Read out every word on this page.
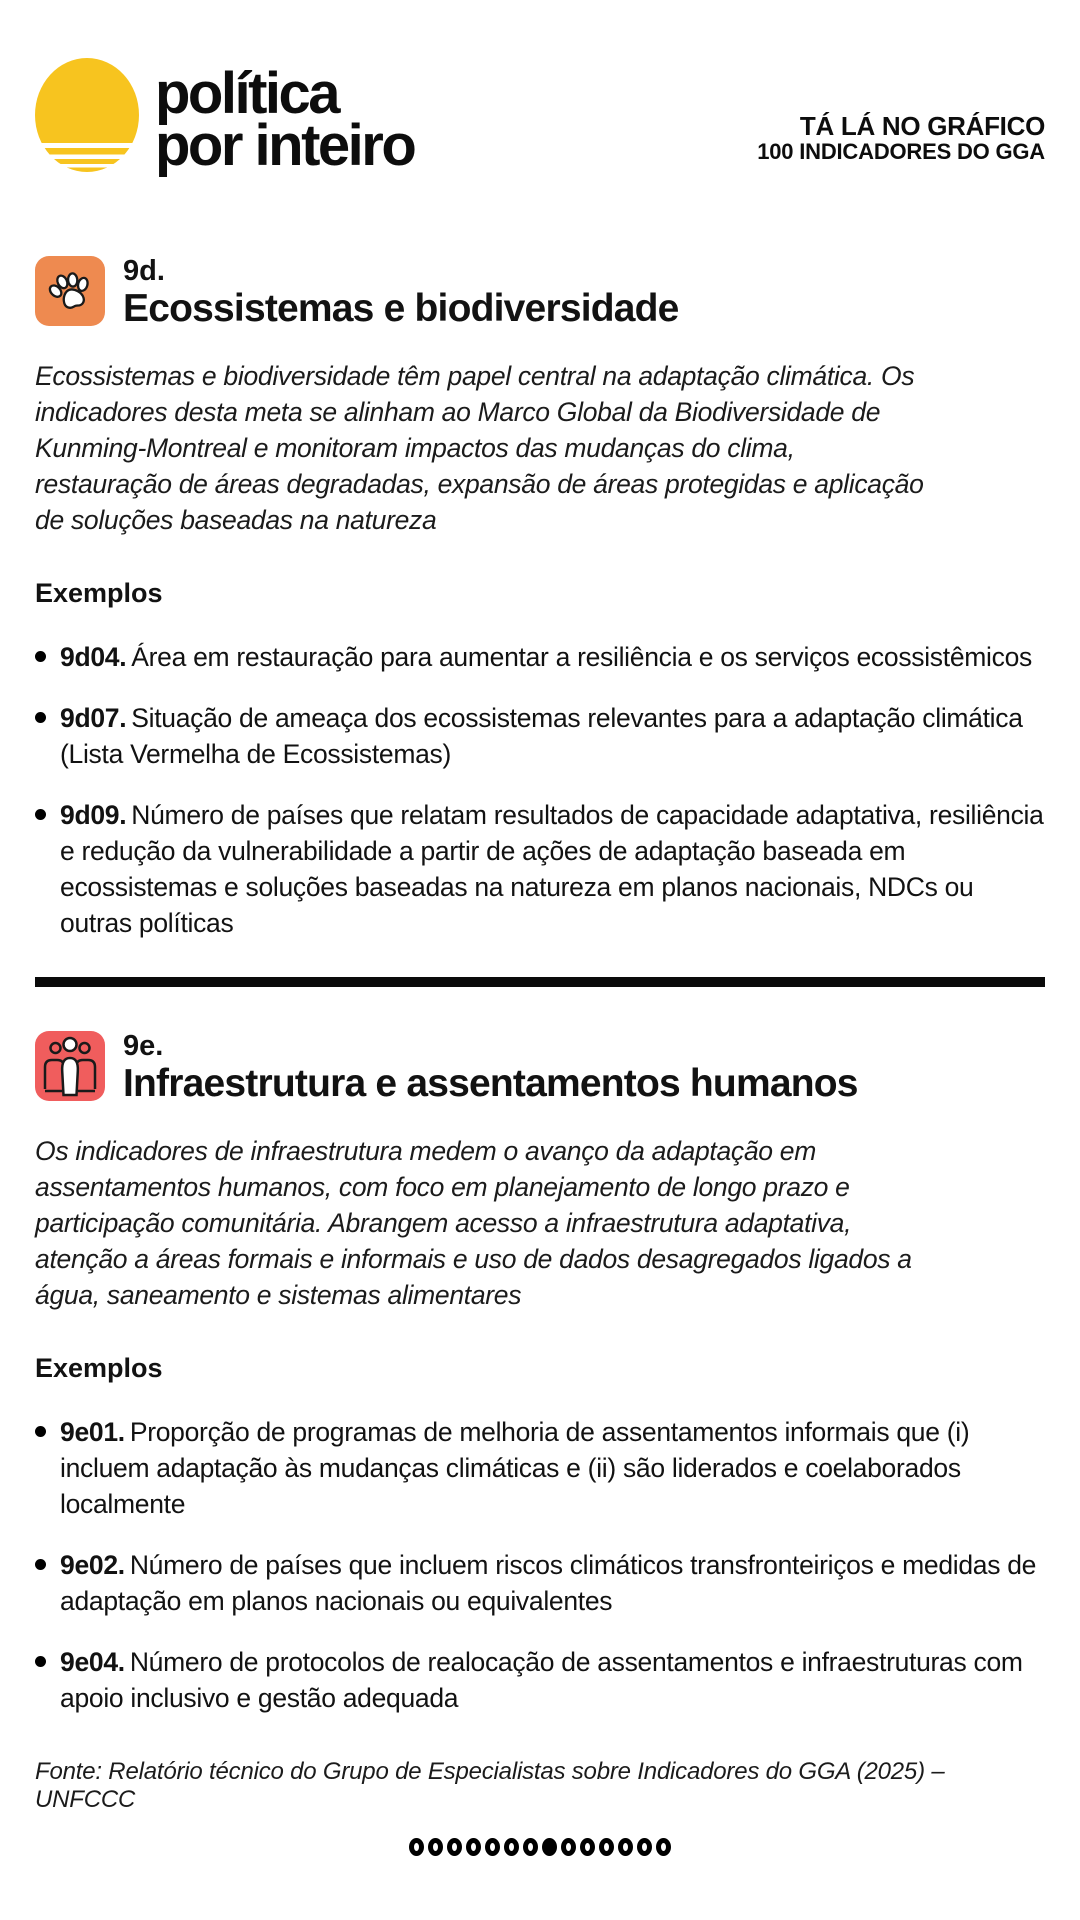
política
por inteiro	TÁ LÁ NO GRÁFICO
100 INDICADORES DO GGA
9d.
Ecossistemas e biodiversidade
Ecossistemas e biodiversidade têm papel central na adaptação climática. Os indicadores desta meta se alinham ao Marco Global da Biodiversidade de Kunming-Montreal e monitoram impactos das mudanças do clima, restauração de áreas degradadas, expansão de áreas protegidas e aplicação de soluções baseadas na natureza
Exemplos
9d04. Área em restauração para aumentar a resiliência e os serviços ecossistêmicos
9d07. Situação de ameaça dos ecossistemas relevantes para a adaptação climática (Lista Vermelha de Ecossistemas)
9d09. Número de países que relatam resultados de capacidade adaptativa, resiliência e redução da vulnerabilidade a partir de ações de adaptação baseada em ecossistemas e soluções baseadas na natureza em planos nacionais, NDCs ou outras políticas
9e.
Infraestrutura e assentamentos humanos
Os indicadores de infraestrutura medem o avanço da adaptação em assentamentos humanos, com foco em planejamento de longo prazo e participação comunitária. Abrangem acesso a infraestrutura adaptativa, atenção a áreas formais e informais e uso de dados desagregados ligados a água, saneamento e sistemas alimentares
Exemplos
9e01. Proporção de programas de melhoria de assentamentos informais que (i) incluem adaptação às mudanças climáticas e (ii) são liderados e coelaborados localmente
9e02. Número de países que incluem riscos climáticos transfronteiriços e medidas de adaptação em planos nacionais ou equivalentes
9e04. Número de protocolos de realocação de assentamentos e infraestruturas com apoio inclusivo e gestão adequada
Fonte: Relatório técnico do Grupo de Especialistas sobre Indicadores do GGA (2025) – UNFCCC
